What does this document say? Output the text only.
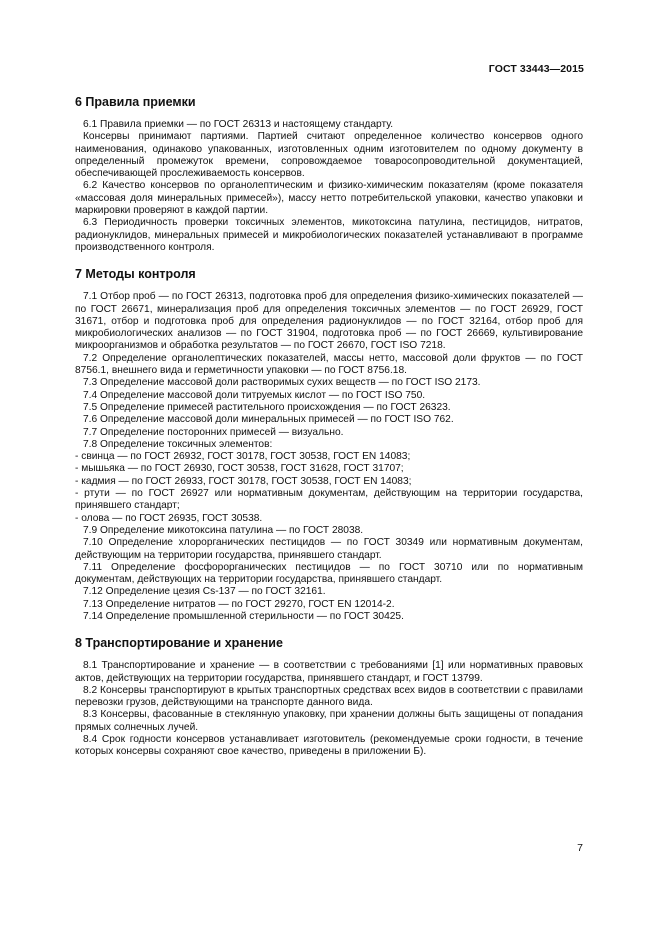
ГОСТ 33443—2015
6 Правила приемки

6.1 Правила приемки — по ГОСТ 26313 и настоящему стандарту.

Консервы принимают партиями. Партией считают определенное количество консервов одного наименования, одинаково упакованных, изготовленных одним изготовителем по одному документу в определенный промежуток времени, сопровождаемое товаросопроводительной документацией, обеспечивающей прослеживаемость консервов.

6.2 Качество консервов по органолептическим и физико-химическим показателям (кроме показателя «массовая доля минеральных примесей»), массу нетто потребительской упаковки, качество упаковки и маркировки проверяют в каждой партии.

6.3 Периодичность проверки токсичных элементов, микотоксина патулина, пестицидов, нитратов, радионуклидов, минеральных примесей и микробиологических показателей устанавливают в программе производственного контроля.

7 Методы контроля

7.1 Отбор проб — по ГОСТ 26313, подготовка проб для определения физико-химических показателей — по ГОСТ 26671, минерализация проб для определения токсичных элементов — по ГОСТ 26929, ГОСТ 31671, отбор и подготовка проб для определения радионуклидов — по ГОСТ 32164, отбор проб для микробиологических анализов — по ГОСТ 31904, подготовка проб — по ГОСТ 26669, культивирование микроорганизмов и обработка результатов — по ГОСТ 26670, ГОСТ ISO 7218.

7.2 Определение органолептических показателей, массы нетто, массовой доли фруктов — по ГОСТ 8756.1, внешнего вида и герметичности упаковки — по ГОСТ 8756.18.

7.3 Определение массовой доли растворимых сухих веществ — по ГОСТ ISO 2173.

7.4 Определение массовой доли титруемых кислот — по ГОСТ ISO 750.

7.5 Определение примесей растительного происхождения — по ГОСТ 26323.

7.6 Определение массовой доли минеральных примесей — по ГОСТ ISO 762.

7.7 Определение посторонних примесей — визуально.

7.8 Определение токсичных элементов:

- свинца — по ГОСТ 26932, ГОСТ 30178, ГОСТ 30538, ГОСТ EN 14083;

- мышьяка — по ГОСТ 26930, ГОСТ 30538, ГОСТ 31628, ГОСТ 31707;

- кадмия — по ГОСТ 26933, ГОСТ 30178, ГОСТ 30538, ГОСТ EN 14083;

- ртути — по ГОСТ 26927 или нормативным документам, действующим на территории государства, принявшего стандарт;

- олова — по ГОСТ 26935, ГОСТ 30538.

7.9 Определение микотоксина патулина — по ГОСТ 28038.

7.10 Определение хлорорганических пестицидов — по ГОСТ 30349 или нормативным документам, действующим на территории государства, принявшего стандарт.

7.11 Определение фосфорорганических пестицидов — по ГОСТ 30710 или по нормативным документам, действующих на территории государства, принявшего стандарт.

7.12 Определение цезия Cs-137 — по ГОСТ 32161.

7.13 Определение нитратов — по ГОСТ 29270, ГОСТ EN 12014-2.

7.14 Определение промышленной стерильности — по ГОСТ 30425.

8 Транспортирование и хранение

8.1 Транспортирование и хранение — в соответствии с требованиями [1] или нормативных правовых актов, действующих на территории государства, принявшего стандарт, и ГОСТ 13799.

8.2 Консервы транспортируют в крытых транспортных средствах всех видов в соответствии с правилами перевозки грузов, действующими на транспорте данного вида.

8.3 Консервы, фасованные в стеклянную упаковку, при хранении должны быть защищены от попадания прямых солнечных лучей.

8.4 Срок годности консервов устанавливает изготовитель (рекомендуемые сроки годности, в течение которых консервы сохраняют свое качество, приведены в приложении Б).

7
